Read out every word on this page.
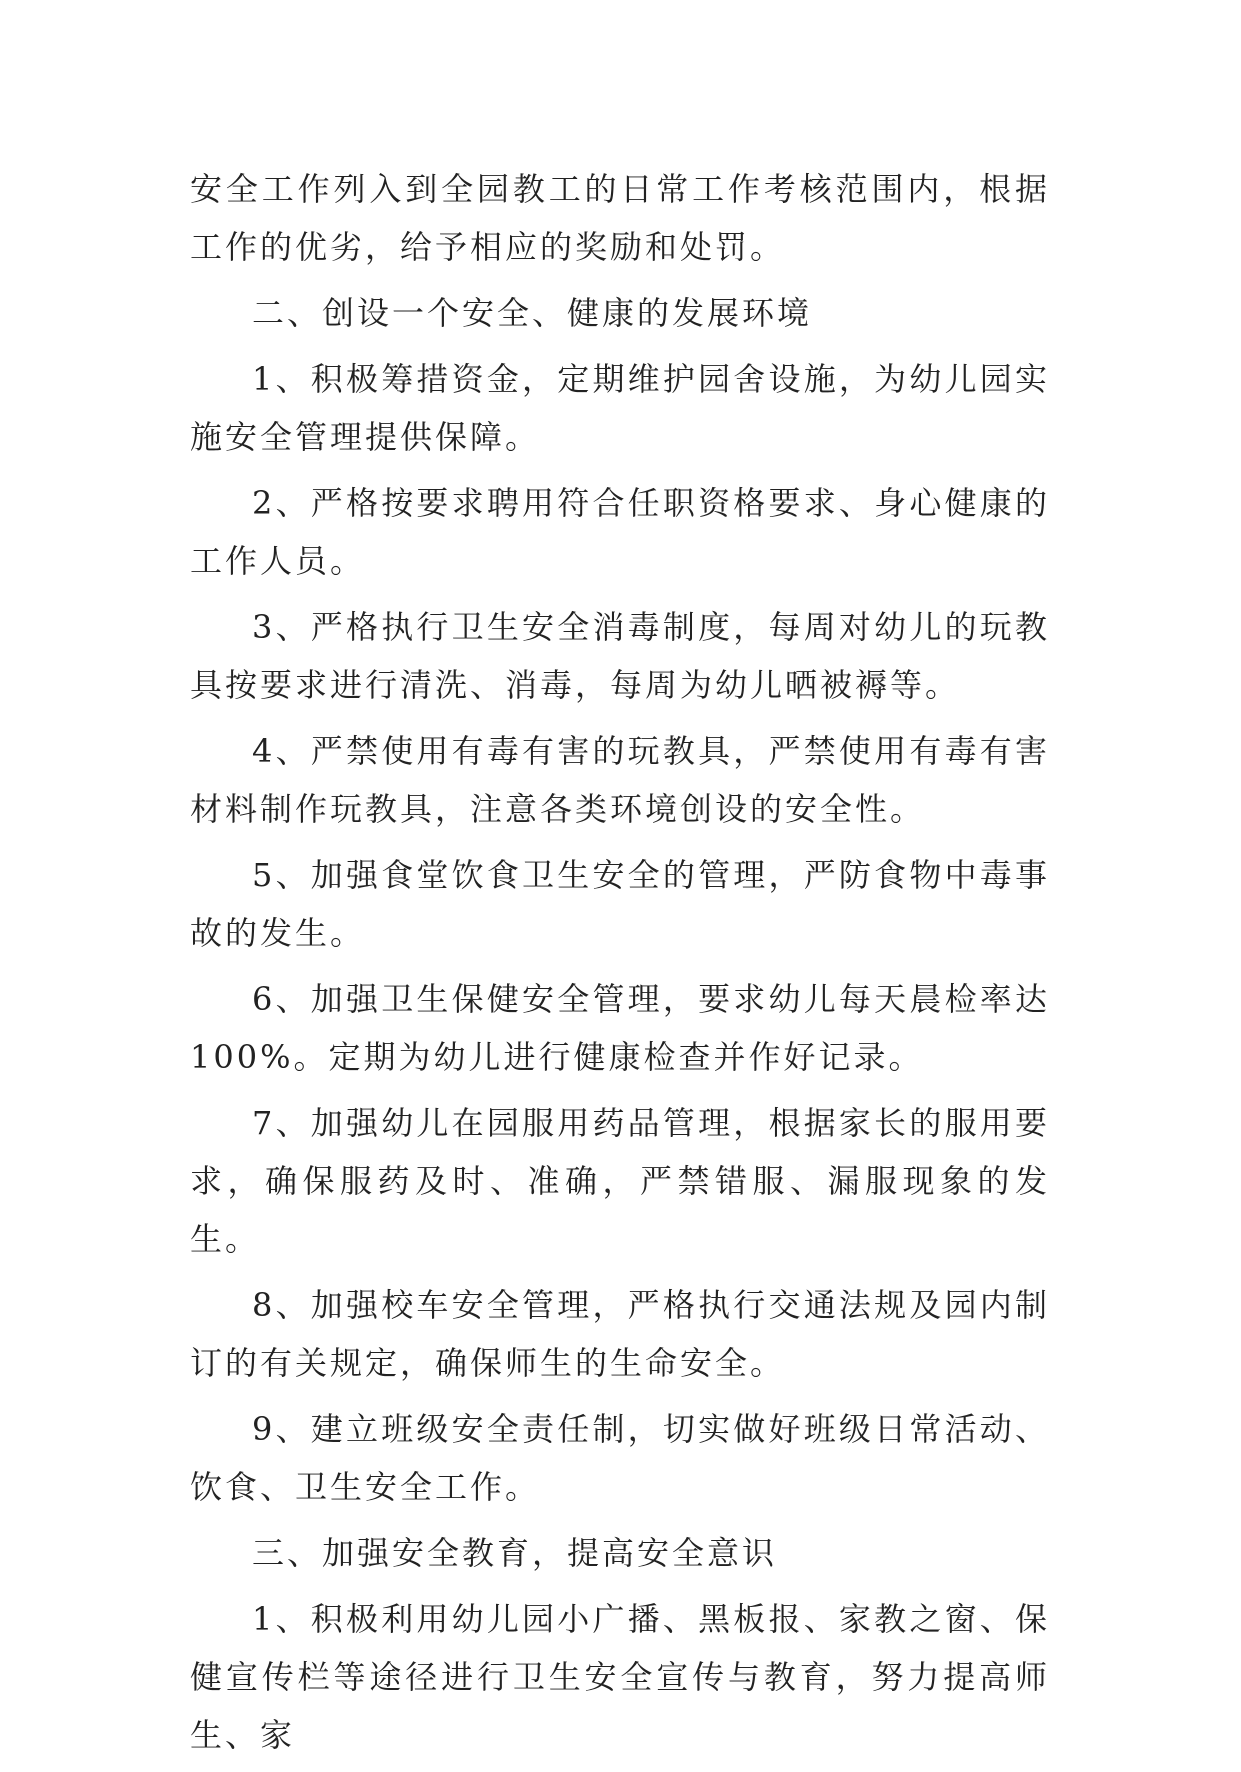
安全工作列入到全园教工的日常工作考核范围内，根据工作的优劣，给予相应的奖励和处罚。

二、创设一个安全、健康的发展环境

1、积极筹措资金，定期维护园舍设施，为幼儿园实施安全管理提供保障。

2、严格按要求聘用符合任职资格要求、身心健康的工作人员。

3、严格执行卫生安全消毒制度，每周对幼儿的玩教具按要求进行清洗、消毒，每周为幼儿晒被褥等。

4、严禁使用有毒有害的玩教具，严禁使用有毒有害材料制作玩教具，注意各类环境创设的安全性。

5、加强食堂饮食卫生安全的管理，严防食物中毒事故的发生。

6、加强卫生保健安全管理，要求幼儿每天晨检率达100%。定期为幼儿进行健康检查并作好记录。

7、加强幼儿在园服用药品管理，根据家长的服用要求，确保服药及时、准确，严禁错服、漏服现象的发生。

8、加强校车安全管理，严格执行交通法规及园内制订的有关规定，确保师生的生命安全。

9、建立班级安全责任制，切实做好班级日常活动、饮食、卫生安全工作。

三、加强安全教育，提高安全意识

1、积极利用幼儿园小广播、黑板报、家教之窗、保健宣传栏等途径进行卫生安全宣传与教育，努力提高师生、家
